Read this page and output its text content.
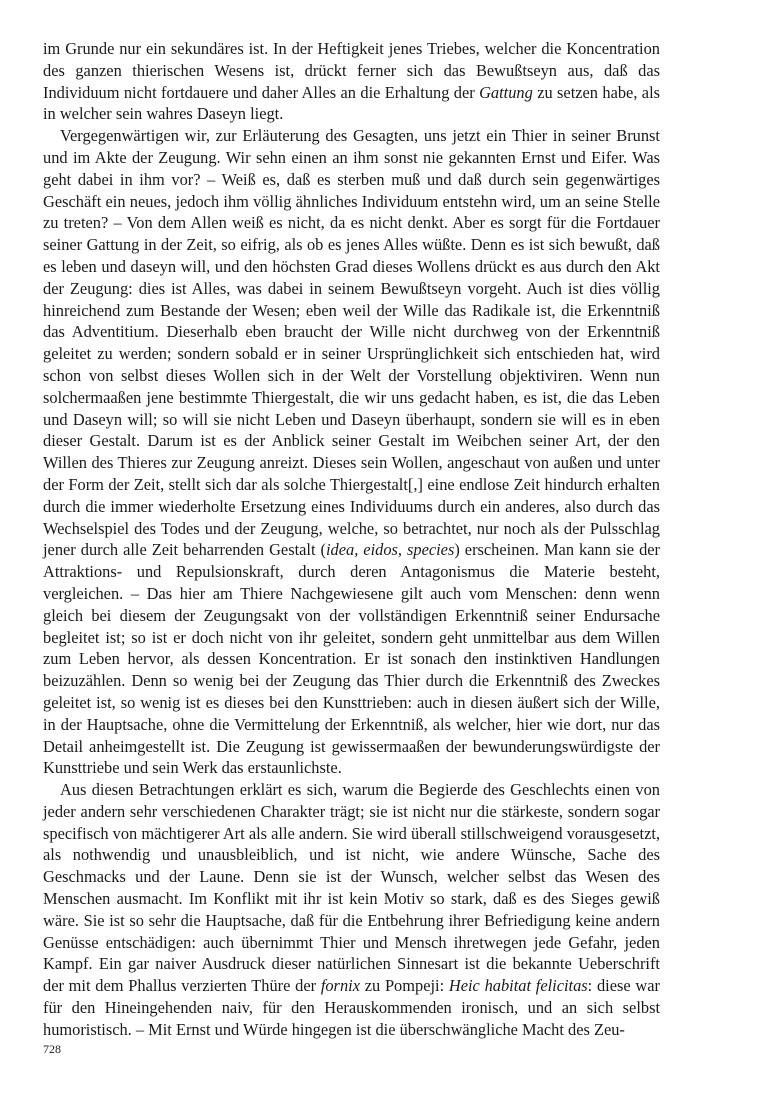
im Grunde nur ein sekundäres ist. In der Heftigkeit jenes Triebes, welcher die Koncentration des ganzen thierischen Wesens ist, drückt ferner sich das Bewußtseyn aus, daß das Individuum nicht fortdauere und daher Alles an die Erhaltung der Gattung zu setzen habe, als in welcher sein wahres Daseyn liegt.

Vergegenwärtigen wir, zur Erläuterung des Gesagten, uns jetzt ein Thier in seiner Brunst und im Akte der Zeugung. Wir sehn einen an ihm sonst nie gekannten Ernst und Eifer. Was geht dabei in ihm vor? – Weiß es, daß es sterben muß und daß durch sein gegenwärtiges Geschäft ein neues, jedoch ihm völlig ähnliches Individuum entstehn wird, um an seine Stelle zu treten? – Von dem Allen weiß es nicht, da es nicht denkt. Aber es sorgt für die Fortdauer seiner Gattung in der Zeit, so eifrig, als ob es jenes Alles wüßte. Denn es ist sich bewußt, daß es leben und daseyn will, und den höchsten Grad dieses Wollens drückt es aus durch den Akt der Zeugung: dies ist Alles, was dabei in seinem Bewußtseyn vorgeht. Auch ist dies völlig hinreichend zum Bestande der Wesen; eben weil der Wille das Radikale ist, die Erkenntniß das Adventitium. Dieserhalb eben braucht der Wille nicht durchweg von der Erkenntniß geleitet zu werden; sondern sobald er in seiner Ursprünglichkeit sich entschieden hat, wird schon von selbst dieses Wollen sich in der Welt der Vorstellung objektiviren. Wenn nun solchermaaßen jene bestimmte Thiergestalt, die wir uns gedacht haben, es ist, die das Leben und Daseyn will; so will sie nicht Leben und Daseyn überhaupt, sondern sie will es in eben dieser Gestalt. Darum ist es der Anblick seiner Gestalt im Weibchen seiner Art, der den Willen des Thieres zur Zeugung anreizt. Dieses sein Wollen, angeschaut von außen und unter der Form der Zeit, stellt sich dar als solche Thiergestalt[,] eine endlose Zeit hindurch erhalten durch die immer wiederholte Ersetzung eines Individuums durch ein anderes, also durch das Wechselspiel des Todes und der Zeugung, welche, so betrachtet, nur noch als der Pulsschlag jener durch alle Zeit beharrenden Gestalt (idea, eidos, species) erscheinen. Man kann sie der Attraktions- und Repulsionskraft, durch deren Antagonismus die Materie besteht, vergleichen. – Das hier am Thiere Nachgewiesene gilt auch vom Menschen: denn wenn gleich bei diesem der Zeugungsakt von der vollständigen Erkenntniß seiner Endursache begleitet ist; so ist er doch nicht von ihr geleitet, sondern geht unmittelbar aus dem Willen zum Leben hervor, als dessen Koncentration. Er ist sonach den instinktiven Handlungen beizuzählen. Denn so wenig bei der Zeugung das Thier durch die Erkenntniß des Zweckes geleitet ist, so wenig ist es dieses bei den Kunsttrieben: auch in diesen äußert sich der Wille, in der Hauptsache, ohne die Vermittelung der Erkenntniß, als welcher, hier wie dort, nur das Detail anheimgestellt ist. Die Zeugung ist gewissermaaßen der bewunderungswürdigste der Kunsttriebe und sein Werk das erstaunlichste.

Aus diesen Betrachtungen erklärt es sich, warum die Begierde des Geschlechts einen von jeder andern sehr verschiedenen Charakter trägt; sie ist nicht nur die stärkeste, sondern sogar specifisch von mächtigerer Art als alle andern. Sie wird überall stillschweigend vorausgesetzt, als nothwendig und unausbleiblich, und ist nicht, wie andere Wünsche, Sache des Geschmacks und der Laune. Denn sie ist der Wunsch, welcher selbst das Wesen des Menschen ausmacht. Im Konflikt mit ihr ist kein Motiv so stark, daß es des Sieges gewiß wäre. Sie ist so sehr die Hauptsache, daß für die Entbehrung ihrer Befriedigung keine andern Genüsse entschädigen: auch übernimmt Thier und Mensch ihretwegen jede Gefahr, jeden Kampf. Ein gar naiver Ausdruck dieser natürlichen Sinnesart ist die bekannte Ueberschrift der mit dem Phallus verzierten Thüre der fornix zu Pompeji: Heic habitat felicitas: diese war für den Hineingehenden naiv, für den Herauskommenden ironisch, und an sich selbst humoristisch. – Mit Ernst und Würde hingegen ist die überschwängliche Macht des Zeu-

728
